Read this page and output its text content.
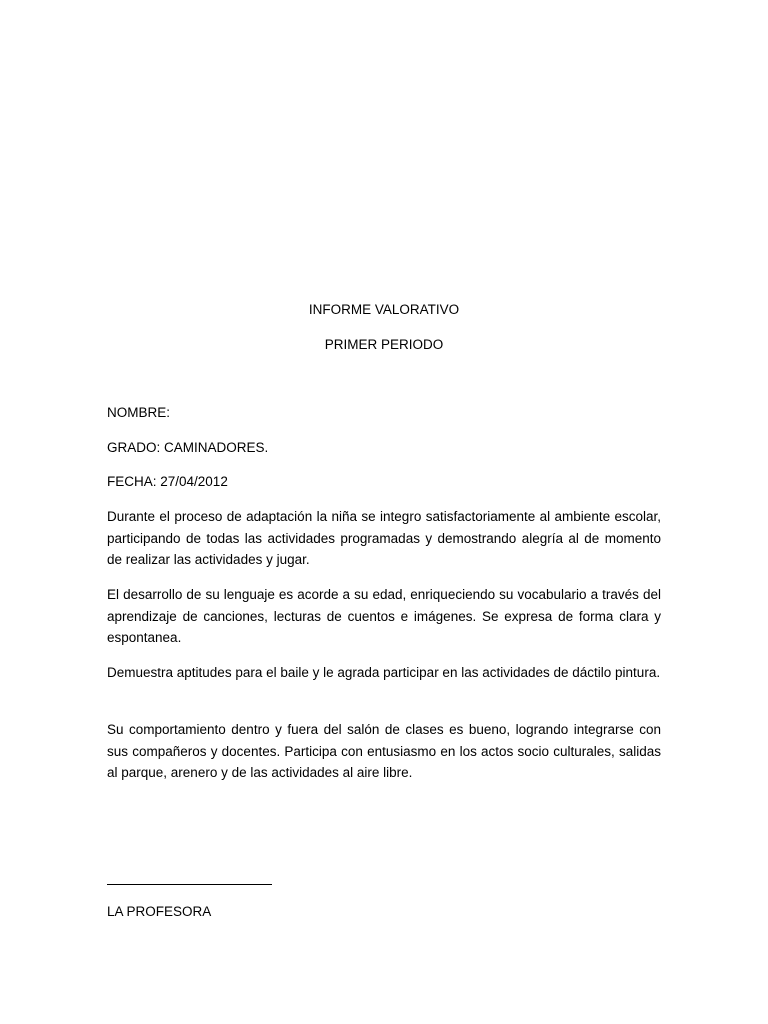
INFORME VALORATIVO
PRIMER PERIODO
NOMBRE:
GRADO: CAMINADORES.
FECHA: 27/04/2012

Durante el proceso de adaptación la niña se integro satisfactoriamente al ambiente escolar, participando de todas las actividades programadas y demostrando alegría al de momento de realizar las actividades y jugar.

El desarrollo de su lenguaje es acorde a su edad, enriqueciendo su vocabulario a través del aprendizaje de canciones, lecturas de cuentos e imágenes. Se expresa de forma clara y espontanea.

Demuestra aptitudes para el baile y le agrada participar en las actividades de dáctilo pintura.

Su comportamiento dentro y fuera del salón de clases es bueno, logrando integrarse con sus compañeros y docentes. Participa con entusiasmo en los actos socio culturales, salidas al parque, arenero y de las actividades al aire libre.

LA PROFESORA
